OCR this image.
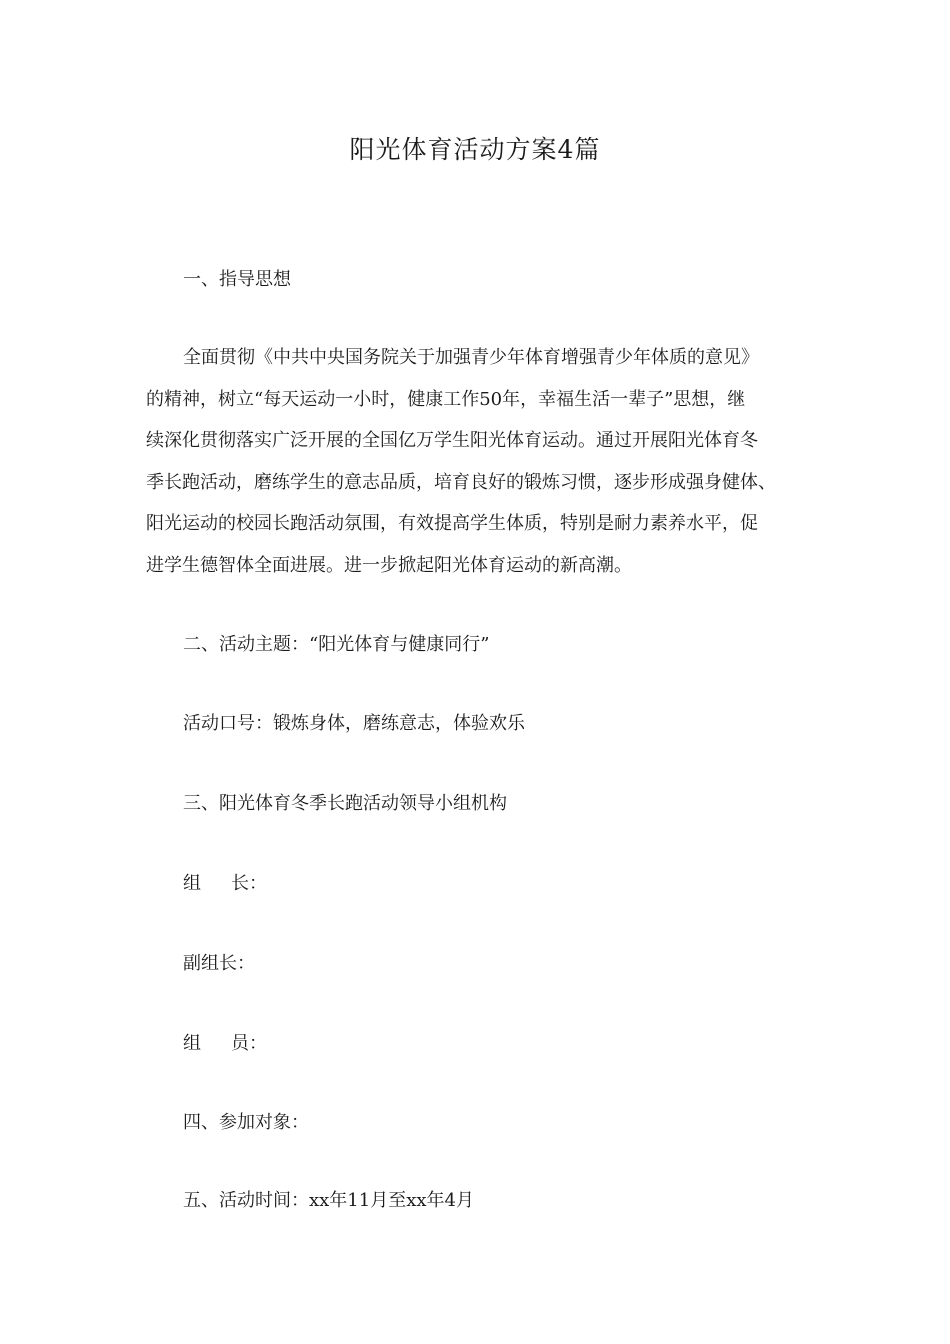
阳光体育活动方案4篇
一、指导思想
全面贯彻《中共中央国务院关于加强青少年体育增强青少年体质的意见》
的精神，树立“每天运动一小时，健康工作50年，幸福生活一辈子”思想，继
续深化贯彻落实广泛开展的全国亿万学生阳光体育运动。通过开展阳光体育冬
季长跑活动，磨练学生的意志品质，培育良好的锻炼习惯，逐步形成强身健体、
阳光运动的校园长跑活动氛围，有效提高学生体质，特别是耐力素养水平，促
进学生德智体全面进展。进一步掀起阳光体育运动的新高潮。
二、活动主题：“阳光体育与健康同行”
活动口号：锻炼身体，磨练意志，体验欢乐
三、阳光体育冬季长跑活动领导小组机构
组 长：
副组长：
组 员：
四、参加对象：
五、活动时间：xx年11月至xx年4月
